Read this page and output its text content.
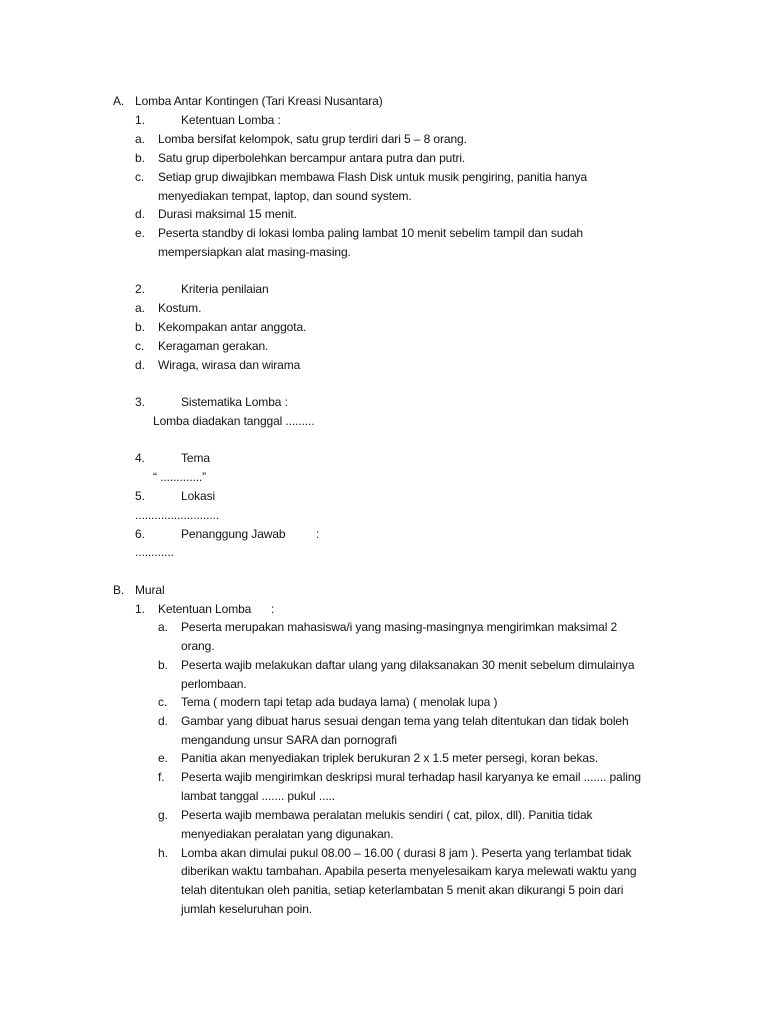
A. Lomba Antar Kontingen (Tari Kreasi Nusantara)
1.	Ketentuan Lomba :
a. Lomba bersifat kelompok, satu grup terdiri dari 5 – 8 orang.
b. Satu grup diperbolehkan bercampur antara putra dan putri.
c. Setiap grup diwajibkan membawa Flash Disk untuk musik pengiring, panitia hanya
menyediakan tempat, laptop, dan sound system.
d. Durasi maksimal 15 menit.
e. Peserta standby di lokasi lomba paling lambat 10 menit sebelim tampil dan sudah
mempersiapkan alat masing-masing.
2.	Kriteria penilaian
a. Kostum.
b. Kekompakan antar anggota.
c. Keragaman gerakan.
d. Wiraga, wirasa dan wirama
3.	Sistematika Lomba :
Lomba diadakan tanggal .........
4.	Tema
“ .............”
5.	Lokasi
..........................
6.	Penanggung Jawab	:
............
B. Mural
1. Ketentuan Lomba :
a. Peserta merupakan mahasiswa/i yang masing-masingnya mengirimkan maksimal 2
orang.
b. Peserta wajib melakukan daftar ulang yang dilaksanakan 30 menit sebelum dimulainya
perlombaan.
c. Tema ( modern tapi tetap ada budaya lama) ( menolak lupa )
d. Gambar yang dibuat harus sesuai dengan tema yang telah ditentukan dan tidak boleh
mengandung unsur SARA dan pornografi
e. Panitia akan menyediakan triplek berukuran 2 x 1.5 meter persegi, koran bekas.
f. Peserta wajib mengirimkan deskripsi mural terhadap hasil karyanya ke email ....... paling
lambat tanggal ....... pukul .....
g. Peserta wajib membawa peralatan melukis sendiri ( cat, pilox, dll). Panitia tidak
menyediakan peralatan yang digunakan.
h. Lomba akan dimulai pukul 08.00 – 16.00 ( durasi 8 jam ). Peserta yang terlambat tidak
diberikan waktu tambahan. Apabila peserta menyelesaikam karya melewati waktu yang
telah ditentukan oleh panitia, setiap keterlambatan 5 menit akan dikurangi 5 poin dari
jumlah keseluruhan poin.
